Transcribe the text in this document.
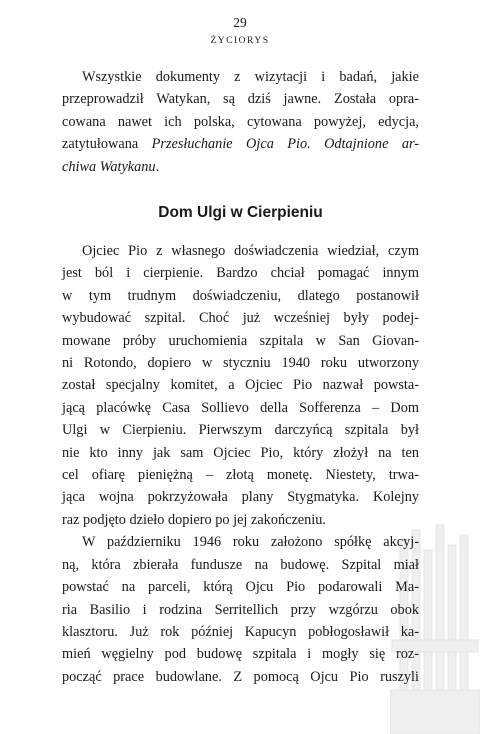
29
ŻYCIORYS
Wszystkie dokumenty z wizytacji i badań, jakie
przeprowadził Watykan, są dziś jawne. Została opra-
cowana nawet ich polska, cytowana powyżej, edycja,
zatytułowana Przesłuchanie Ojca Pio. Odtajnione ar-
chiwa Watykanu.
Dom Ulgi w Cierpieniu
Ojciec Pio z własnego doświadczenia wiedział, czym
jest ból i cierpienie. Bardzo chciał pomagać innym
w tym trudnym doświadczeniu, dlatego postanowił
wybudować szpital. Choć już wcześniej były podej-
mowane próby uruchomienia szpitala w San Giovan-
ni Rotondo, dopiero w styczniu 1940 roku utworzony
został specjalny komitet, a Ojciec Pio nazwał powsta-
jącą placówkę Casa Sollievo della Sofferenza – Dom
Ulgi w Cierpieniu. Pierwszym darczyńcą szpitala był
nie kto inny jak sam Ojciec Pio, który złożył na ten
cel ofiarę pieniężną – złotą monetę. Niestety, trwa-
jąca wojna pokrzyżowała plany Stygmatyka. Kolejny
raz podjęto dzieło dopiero po jej zakończeniu.
W październiku 1946 roku założono spółkę akcyj-
ną, która zbierała fundusze na budowę. Szpital miał
powstać na parceli, którą Ojcu Pio podarowali Ma-
ria Basilio i rodzina Serritellich przy wzgórzu obok
klasztoru. Już rok później Kapucyn pobłogosławił ka-
mień węgielny pod budowę szpitala i mogły się roz-
począć prace budowlane. Z pomocą Ojcu Pio ruszyli
